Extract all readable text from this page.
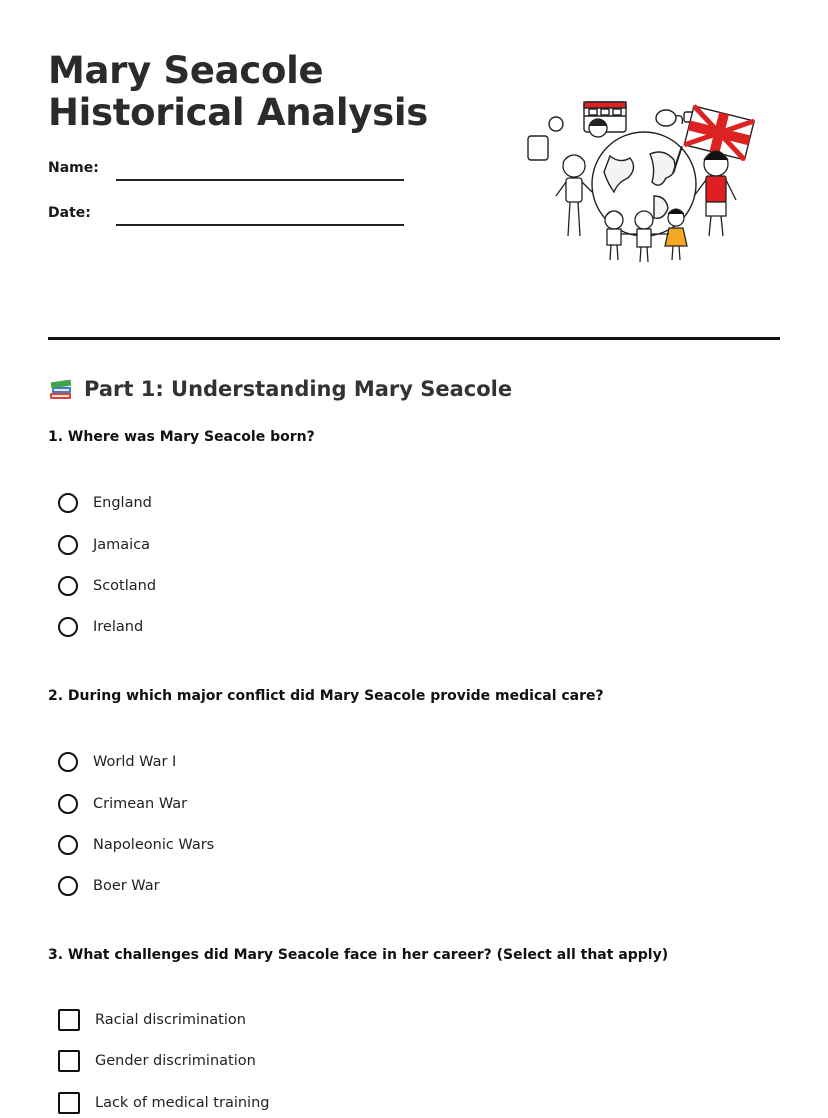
Mary Seacole Historical Analysis
Name:
Date:
Part 1: Understanding Mary Seacole

1. Where was Mary Seacole born?

England
Jamaica
Scotland
Ireland

2. During which major conflict did Mary Seacole provide medical care?

World War I
Crimean War
Napoleonic Wars
Boer War

3. What challenges did Mary Seacole face in her career? (Select all that apply)

Racial discrimination
Gender discrimination
Lack of medical training
